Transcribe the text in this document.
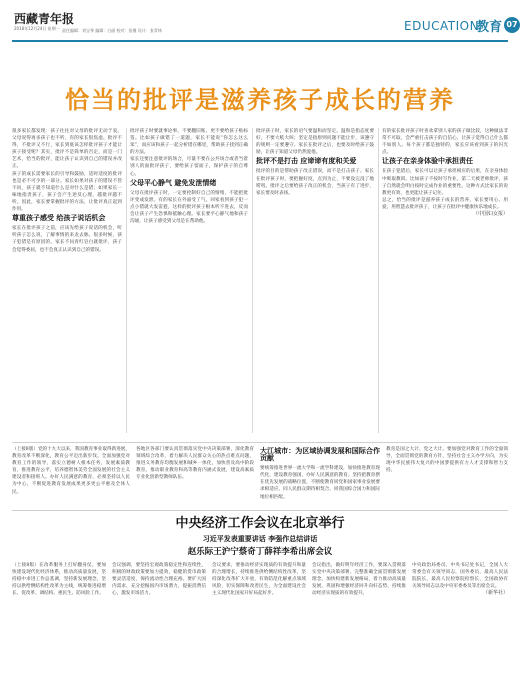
西藏青年报
2018年12月24日 星期一 责任编辑：刘宝琴 编辑：白丽 校对：张继 设计：张青林	EDUCATION
教育 07
恰当的批评是滋养孩子成长的营养
很多家长都发现：孩子往往对父母的批评无动于衷，父母说得再多孩子也不听，有的家长很焦虑。批评不得，不批评又不行，家长到底该怎样批评孩子才能让孩子接受呢？其实，批评不是简单的否定，而是一门艺术，恰当的批评，能让孩子认识到自己的错误并改正。
孩子的成长需要家长的引导和鼓励，适时适度的批评也是必不可少的一部分。家长如果对孩子的错误不管不问，孩子就不知道什么是对什么是错；如果家长一味地指责孩子，孩子会产生逆反心理，越批评越不听。因此，家长要掌握批评的方法，让批评真正起到作用。
尊重孩子感受 给孩子说话机会
家长在批评孩子之前，应该先给孩子说话的机会，听听孩子怎么说，了解事情的来龙去脉。很多时候，孩子犯错是有原因的，家长不问青红皂白就批评，孩子会觉得委屈，也不会真正认识到自己的错误。
批评孩子时要就事论事，不要翻旧账，更不要给孩子贴标签。比如孩子做错了一道题，家长不能说“你怎么这么笨”，而应该和孩子一起分析错在哪里，帮助孩子找到正确的方法。
家长还要注意批评的场合，尽量不要在公共场合或者当着别人的面批评孩子，要给孩子留面子，保护孩子的自尊心。
父母平心静气 避免发泄情绪
父母在批评孩子时，一定要控制好自己的情绪，不能把批评变成发泄。有的家长在外面受了气，回家看到孩子犯一点小错就大发雷霆，这样的批评孩子根本听不进去，反而会让孩子产生恐惧和抵触心理。家长要平心静气地和孩子沟通，让孩子感受到父母是在帮助他。
批评孩子时，家长的语气要温和而坚定。温和是指态度要好，不要大吼大叫；坚定是指原则问题不能让步，该遵守的规则一定要遵守。家长在批评之后，也要及时给孩子鼓励，让孩子知道父母仍然爱他。
批评不是打击 应谛谛有度和关爱
批评的目的是帮助孩子改正错误，而不是打击孩子。家长在批评孩子时，要把握好度，点到为止，不要没完没了地唠叨。批评之后要给孩子改正的机会，当孩子有了进步，家长要及时表扬。
有的家长批评孩子时喜欢拿别人家的孩子做比较，这种做法非常不可取，会严重打击孩子的自信心，让孩子觉得自己什么都不如别人。每个孩子都是独特的，家长应该看到孩子的闪光点。
让孩子在亲身体验中承担责任
在孩子犯错后，家长可以让孩子承担相应的后果，在亲身体验中吸取教训。比如孩子不按时写作业，第二天被老师批评，孩子自然就会明白按时完成作业的重要性。这种方式比家长的说教更有效，也更能让孩子记住。
总之，恰当的批评是滋养孩子成长的营养，家长要用心、用爱、用智慧去批评孩子，让孩子在批评中健康快乐地成长。
（中国妇女报）
（上接8版）党的十九大以来，我国教育事业取得新进展，教育改革不断深化，教育公平迈出新步伐。全面加强党对教育工作的领导，落实立德树人根本任务，发展素质教育，推进教育公平，培养德智体美劳全面发展的社会主义建设者和接班人。办好人民满意的教育，必须坚持以人民为中心，不断促进教育发展成果更多更公平惠及全体人民。
各地区各部门要认真贯彻落实党中央决策部署，深化教育领域综合改革，着力解决人民群众关心的热点难点问题，推进义务教育均衡发展和城乡一体化，加快普及高中阶段教育，推动职业教育和高等教育内涵式发展，建设高素质专业化创新型教师队伍。
大江城市：为区域协调发展和国际合作贡献
要统筹推进世界一流大学和一流学科建设，加快推进教育现代化，建设教育强国，办好人民满意的教育。坚持把教育摆在优先发展的战略位置，不断使教育同党和国家事业发展要求相适应、同人民群众期待相契合、同我国综合国力和国际地位相匹配。
教育是国之大计、党之大计。要加强党对教育工作的全面领导，全面贯彻党的教育方针，坚持社会主义办学方向，为实现中华民族伟大复兴的中国梦提供有力人才支撑和智力支持。
中央经济工作会议在北京举行
习近平发表重要讲话 李强作总结讲话
赵乐际王沪宁蔡奇丁薛祥李希出席会议
（上接8版）在改革服务上打好翻身仗。要加快建设现代化经济体系，推动高质量发展，坚持稳中求进工作总基调，坚持新发展理念，坚持以供给侧结构性改革为主线，统筹推进稳增长、促改革、调结构、惠民生、防风险工作。
会议强调，要坚持宏观政策稳定性和连续性，积极的财政政策要加力提效，稳健的货币政策要灵活适度，保持流动性合理充裕。要扩大国内需求，充分挖掘国内市场潜力，提振消费信心，激发市场活力。
会议要求，要推动经济实现质的有效提升和量的合理增长，持续推进供给侧结构性改革，坚持深化改革扩大开放，有效防范化解重点领域风险，切实保障和改善民生，为全面建设社会主义现代化国家开好局起好步。
会议指出，做好明年经济工作，要深入贯彻落实党中央决策部署，完整准确全面贯彻新发展理念，加快构建新发展格局，着力推动高质量发展，巩固和增强经济回升向好态势，持续推动经济实现质的有效提升。
中央政治局委员、中央书记处书记，全国人大常委会有关领导同志，国务委员，最高人民法院院长，最高人民检察院检察长，全国政协有关领导同志以及中央军委委员等出席会议。
（新华社）
